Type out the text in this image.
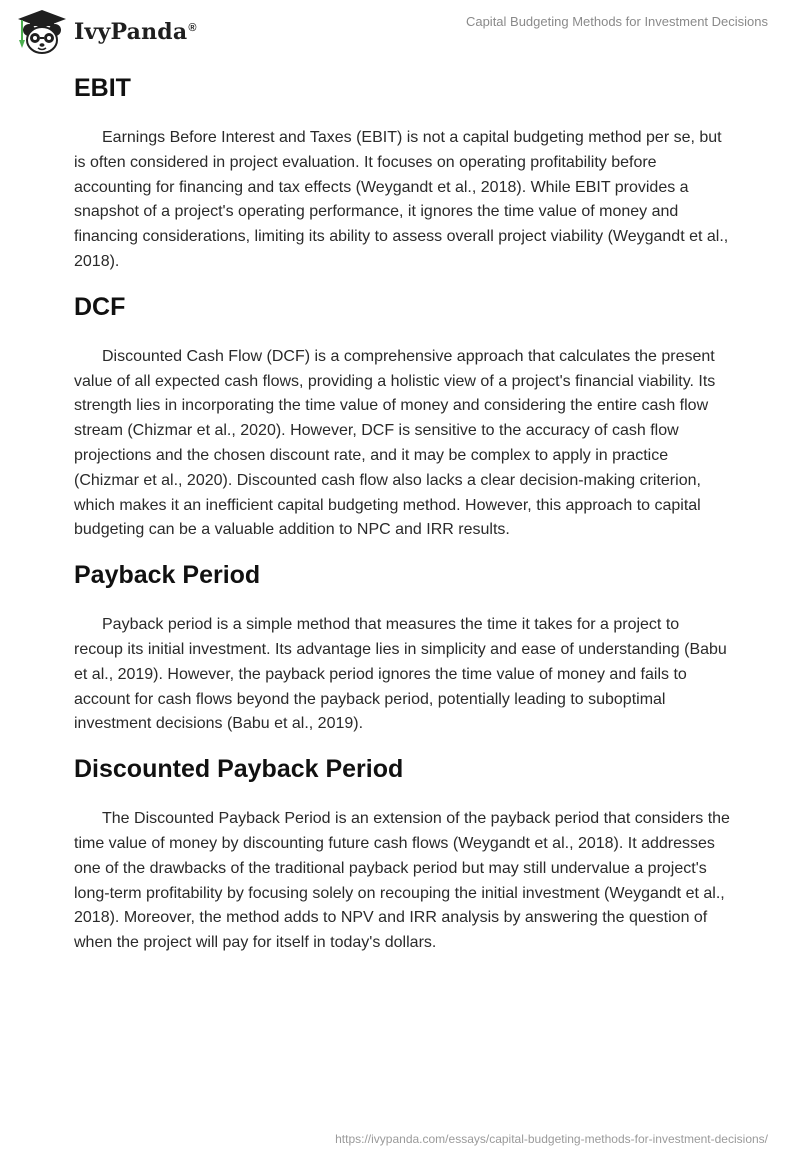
IvyPanda®	Capital Budgeting Methods for Investment Decisions
EBIT

Earnings Before Interest and Taxes (EBIT) is not a capital budgeting method per se, but is often considered in project evaluation. It focuses on operating profitability before accounting for financing and tax effects (Weygandt et al., 2018). While EBIT provides a snapshot of a project's operating performance, it ignores the time value of money and financing considerations, limiting its ability to assess overall project viability (Weygandt et al., 2018).

DCF

Discounted Cash Flow (DCF) is a comprehensive approach that calculates the present value of all expected cash flows, providing a holistic view of a project's financial viability. Its strength lies in incorporating the time value of money and considering the entire cash flow stream (Chizmar et al., 2020). However, DCF is sensitive to the accuracy of cash flow projections and the chosen discount rate, and it may be complex to apply in practice (Chizmar et al., 2020). Discounted cash flow also lacks a clear decision-making criterion, which makes it an inefficient capital budgeting method. However, this approach to capital budgeting can be a valuable addition to NPC and IRR results.

Payback Period

Payback period is a simple method that measures the time it takes for a project to recoup its initial investment. Its advantage lies in simplicity and ease of understanding (Babu et al., 2019). However, the payback period ignores the time value of money and fails to account for cash flows beyond the payback period, potentially leading to suboptimal investment decisions (Babu et al., 2019).

Discounted Payback Period

The Discounted Payback Period is an extension of the payback period that considers the time value of money by discounting future cash flows (Weygandt et al., 2018). It addresses one of the drawbacks of the traditional payback period but may still undervalue a project's long-term profitability by focusing solely on recouping the initial investment (Weygandt et al., 2018). Moreover, the method adds to NPV and IRR analysis by answering the question of when the project will pay for itself in today's dollars.

https://ivypanda.com/essays/capital-budgeting-methods-for-investment-decisions/
